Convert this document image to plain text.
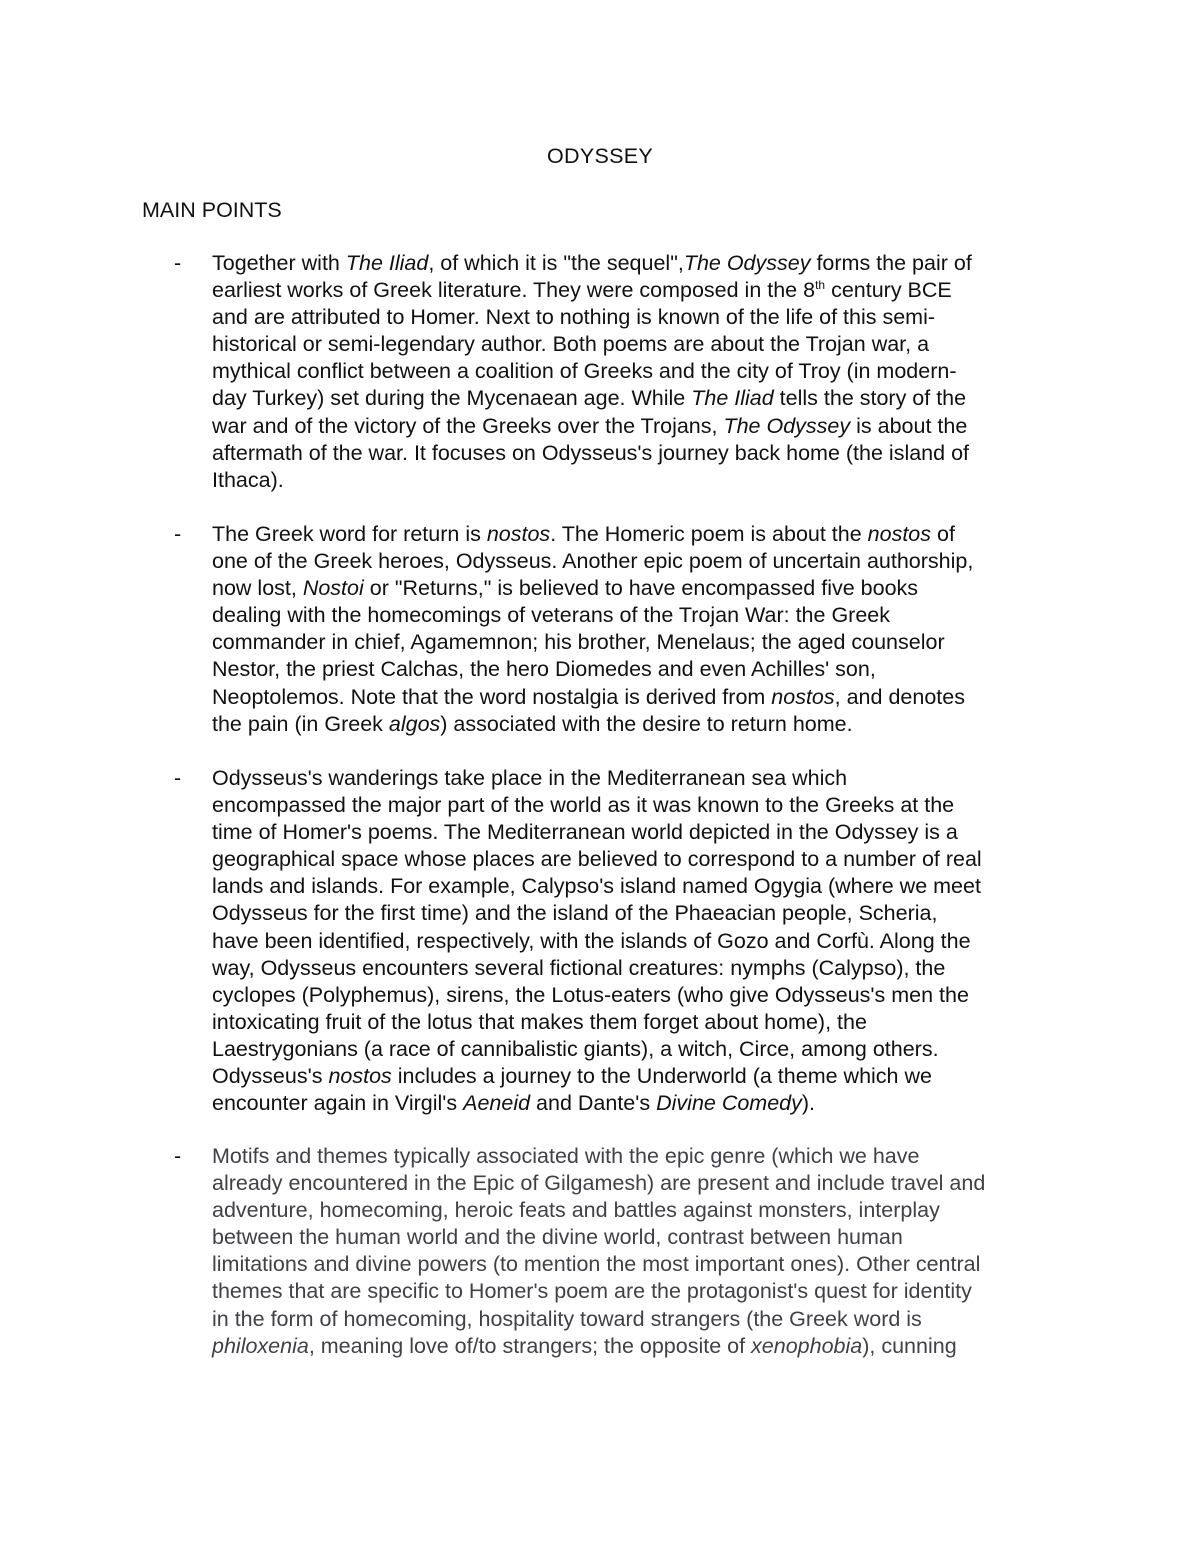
ODYSSEY
MAIN POINTS
- Together with The Iliad, of which it is "the sequel",The Odyssey forms the pair of
earliest works of Greek literature. They were composed in the 8th century BCE
and are attributed to Homer. Next to nothing is known of the life of this semi-
historical or semi-legendary author. Both poems are about the Trojan war, a
mythical conflict between a coalition of Greeks and the city of Troy (in modern-
day Turkey) set during the Mycenaean age. While The Iliad tells the story of the
war and of the victory of the Greeks over the Trojans, The Odyssey is about the
aftermath of the war. It focuses on Odysseus's journey back home (the island of
Ithaca).
- The Greek word for return is nostos. The Homeric poem is about the nostos of
one of the Greek heroes, Odysseus. Another epic poem of uncertain authorship,
now lost, Nostoi or "Returns," is believed to have encompassed five books
dealing with the homecomings of veterans of the Trojan War: the Greek
commander in chief, Agamemnon; his brother, Menelaus; the aged counselor
Nestor, the priest Calchas, the hero Diomedes and even Achilles' son,
Neoptolemos. Note that the word nostalgia is derived from nostos, and denotes
the pain (in Greek algos) associated with the desire to return home.
- Odysseus's wanderings take place in the Mediterranean sea which
encompassed the major part of the world as it was known to the Greeks at the
time of Homer's poems. The Mediterranean world depicted in the Odyssey is a
geographical space whose places are believed to correspond to a number of real
lands and islands. For example, Calypso's island named Ogygia (where we meet
Odysseus for the first time) and the island of the Phaeacian people, Scheria,
have been identified, respectively, with the islands of Gozo and Corfù. Along the
way, Odysseus encounters several fictional creatures: nymphs (Calypso), the
cyclopes (Polyphemus), sirens, the Lotus-eaters (who give Odysseus's men the
intoxicating fruit of the lotus that makes them forget about home), the
Laestrygonians (a race of cannibalistic giants), a witch, Circe, among others.
Odysseus's nostos includes a journey to the Underworld (a theme which we
encounter again in Virgil's Aeneid and Dante's Divine Comedy).
- Motifs and themes typically associated with the epic genre (which we have
already encountered in the Epic of Gilgamesh) are present and include travel and
adventure, homecoming, heroic feats and battles against monsters, interplay
between the human world and the divine world, contrast between human
limitations and divine powers (to mention the most important ones). Other central
themes that are specific to Homer's poem are the protagonist's quest for identity
in the form of homecoming, hospitality toward strangers (the Greek word is
philoxenia, meaning love of/to strangers; the opposite of xenophobia), cunning
